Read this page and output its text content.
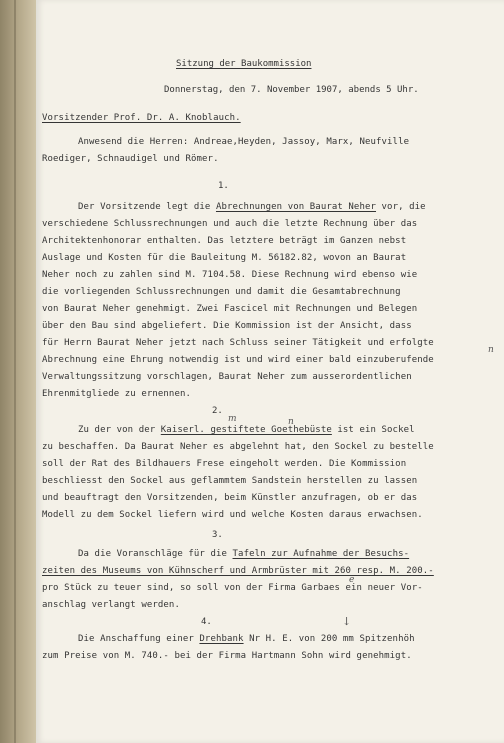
Sitzung der Baukommission
Donnerstag, den 7. November 1907, abends 5 Uhr.
Vorsitzender Prof. Dr. A. Knoblauch.
Anwesend die Herren: Andreae,Heyden, Jassoy, Marx, Neufville
Roediger, Schnaudigel und Römer.
1.
Der Vorsitzende legt die Abrechnungen von Baurat Neher vor, die
verschiedene Schlussrechnungen und auch die letzte Rechnung über das
Architektenhonorar enthalten. Das letztere beträgt im Ganzen nebst
Auslage und Kosten für die Bauleitung M. 56182.82, wovon an Baurat
Neher noch zu zahlen sind M. 7104.58. Diese Rechnung wird ebenso wie
die vorliegenden Schlussrechnungen und damit die Gesamtabrechnung
von Baurat Neher genehmigt. Zwei Fascicel mit Rechnungen und Belegen
über den Bau sind abgeliefert. Die Kommission ist der Ansicht, dass
für Herrn Baurat Neher jetzt nach Schluss seiner Tätigkeit und erfolgte
Abrechnung eine Ehrung notwendig ist und wird einer bald einzuberufende
Verwaltungssitzung vorschlagen, Baurat Neher zum ausserordentlichen
Ehrenmitgliede zu ernennen.
2.
m	n
Zu der von der Kaiserl. gestiftete Goethebüste ist ein Sockel
zu beschaffen. Da Baurat Neher es abgelehnt hat, den Sockel zu bestelle
soll der Rat des Bildhauers Frese eingeholt werden. Die Kommission
beschliesst den Sockel aus geflammtem Sandstein herstellen zu lassen
und beauftragt den Vorsitzenden, beim Künstler anzufragen, ob er das
Modell zu dem Sockel liefern wird und welche Kosten daraus erwachsen.
3.
Da die Voranschläge für die Tafeln zur Aufnahme der Besuchs-
zeiten des Museums von Kühnscherf und Armbrüster mit 260 resp. M. 200.-
pro Stück zu teuer sind, so soll von der Firma Garbaes ein neuer Vor-
e
anschlag verlangt werden.
4.	↓
Die Anschaffung einer Drehbank Nr H. E. von 200 mm Spitzenhöh
zum Preise von M. 740.- bei der Firma Hartmann Sohn wird genehmigt.
n
